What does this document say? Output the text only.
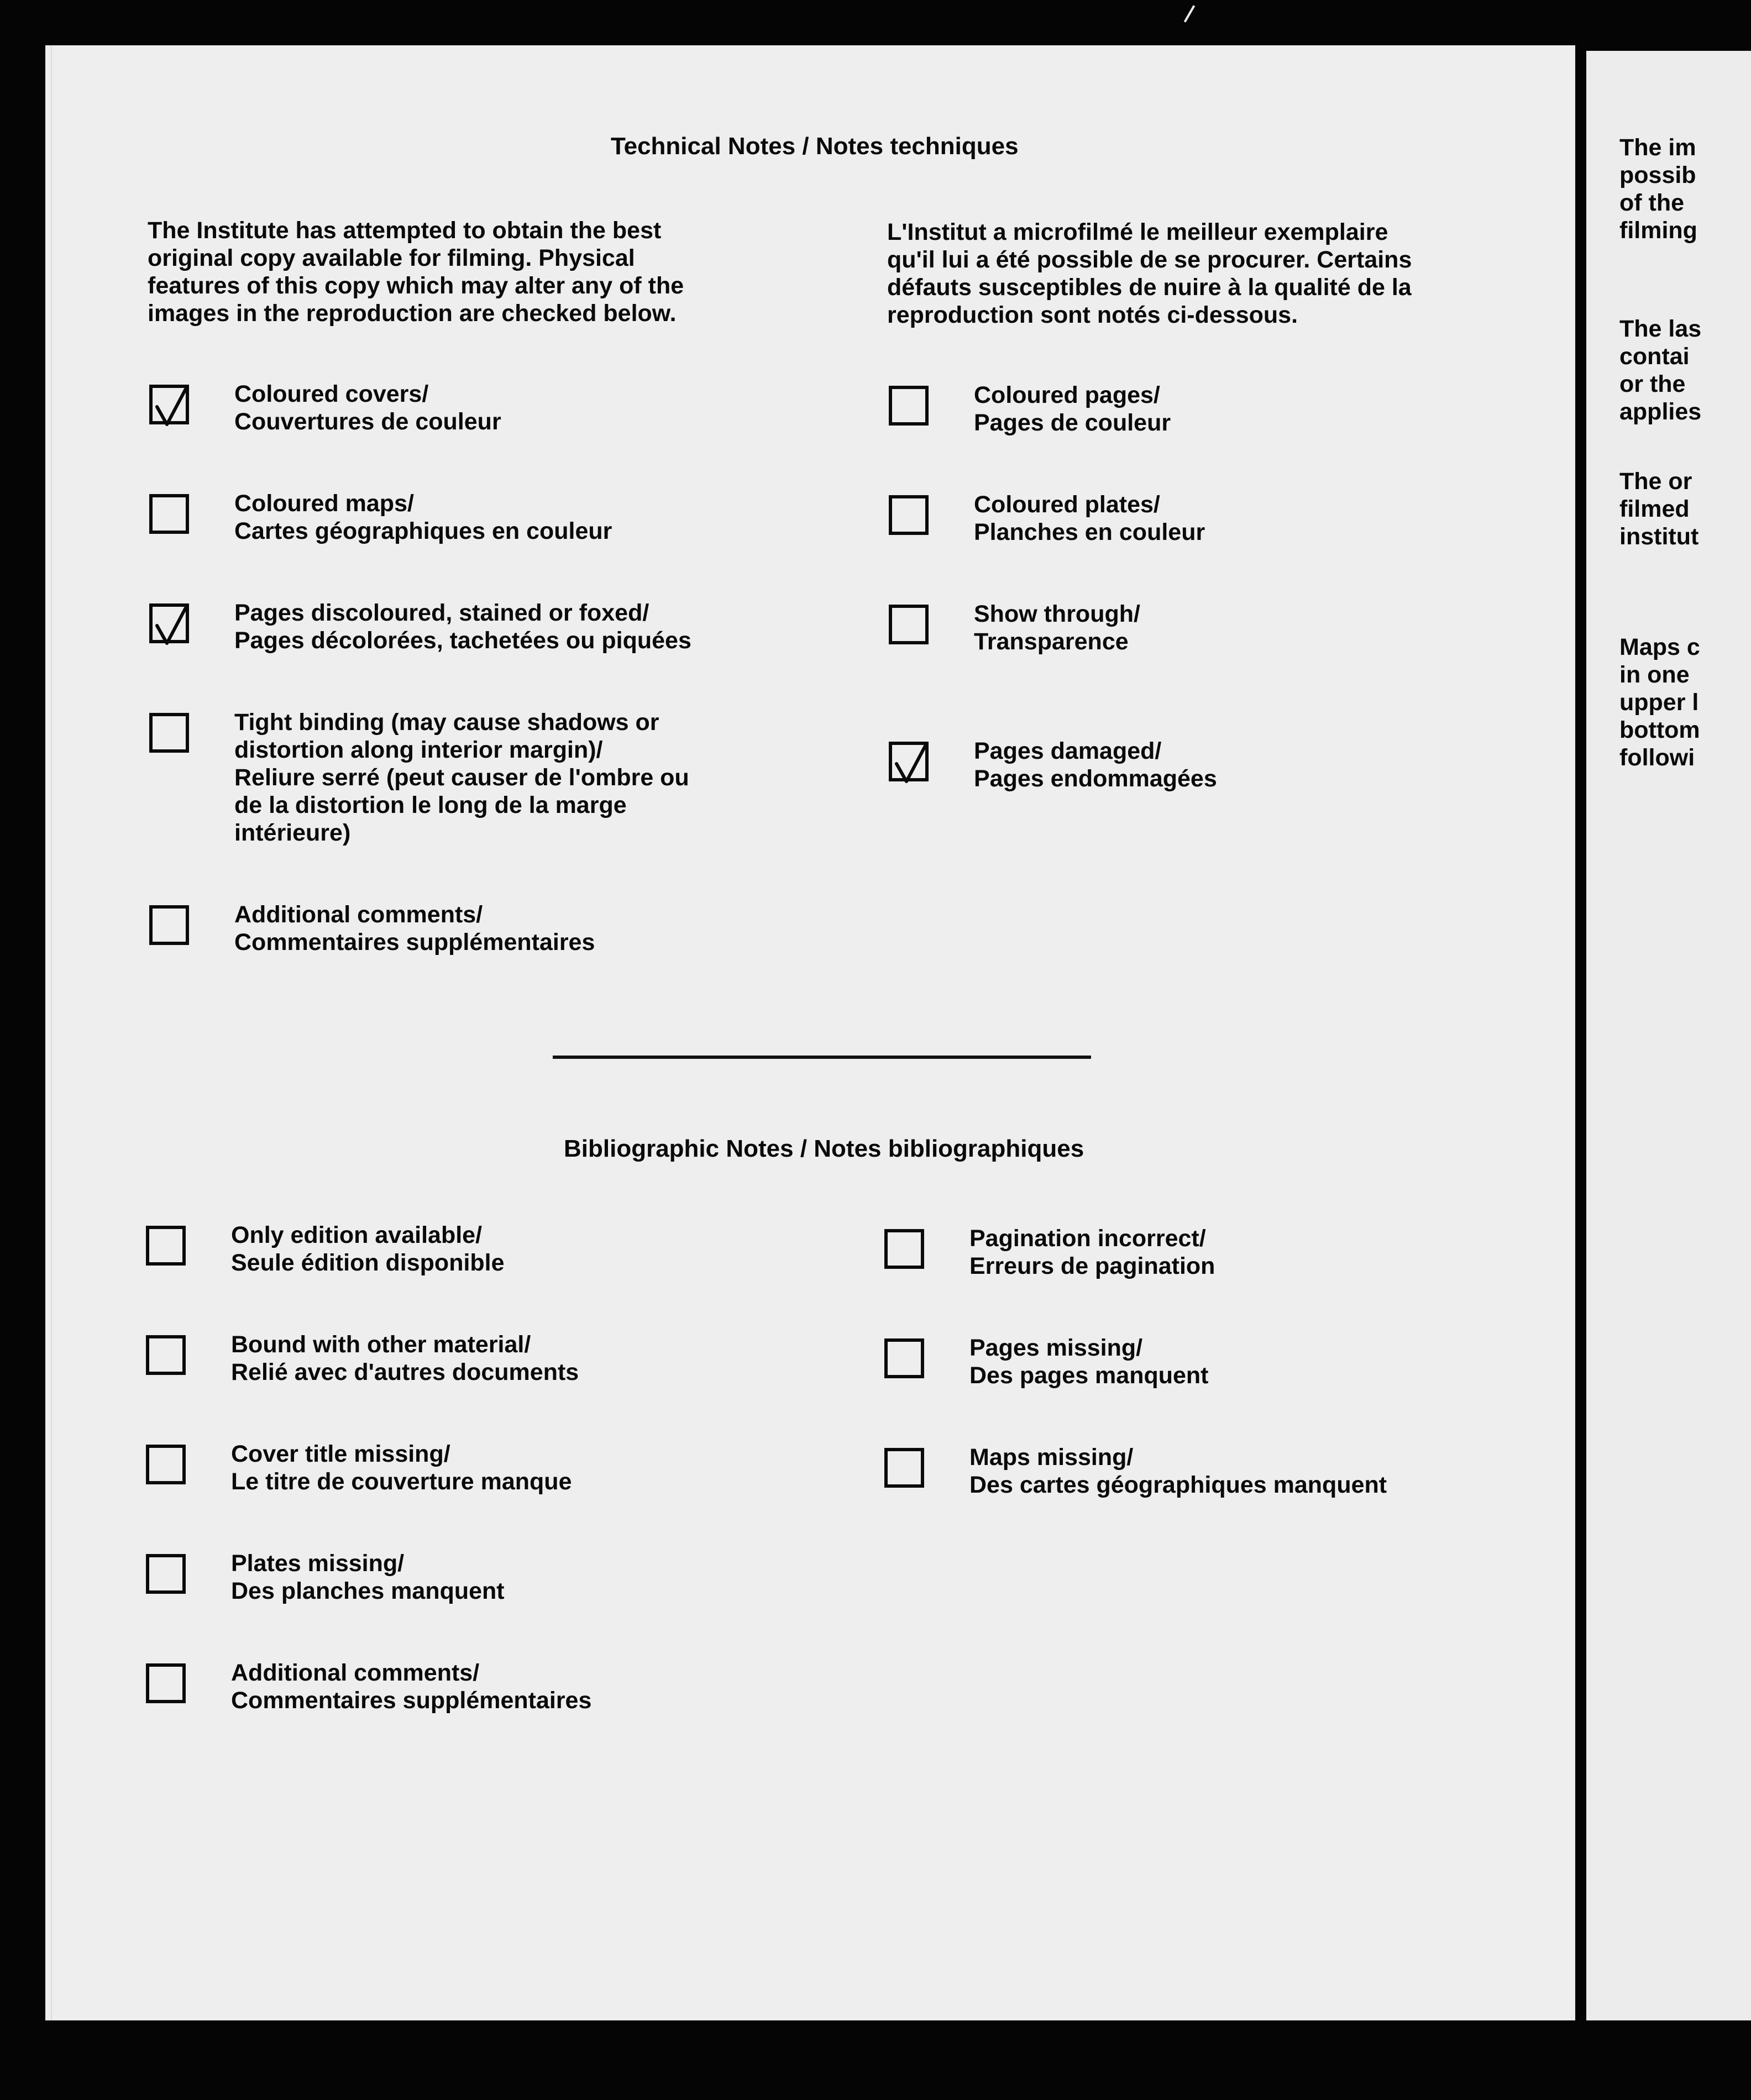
Technical Notes / Notes techniques
The Institute has attempted to obtain the best
original copy available for filming. Physical
features of this copy which may alter any of the
images in the reproduction are checked below.
L'Institut a microfilmé le meilleur exemplaire
qu'il lui a été possible de se procurer. Certains
défauts susceptibles de nuire à la qualité de la
reproduction sont notés ci-dessous.
Coloured covers/
Couvertures de couleur
Coloured maps/
Cartes géographiques en couleur
Pages discoloured, stained or foxed/
Pages décolorées, tachetées ou piquées
Tight binding (may cause shadows or
distortion along interior margin)/
Reliure serré (peut causer de l'ombre ou
de la distortion le long de la marge
intérieure)
Additional comments/
Commentaires supplémentaires
Coloured pages/
Pages de couleur
Coloured plates/
Planches en couleur
Show through/
Transparence
Pages damaged/
Pages endommagées
Bibliographic Notes / Notes bibliographiques
Only edition available/
Seule édition disponible
Bound with other material/
Relié avec d'autres documents
Cover title missing/
Le titre de couverture manque
Plates missing/
Des planches manquent
Additional comments/
Commentaires supplémentaires
Pagination incorrect/
Erreurs de pagination
Pages missing/
Des pages manquent
Maps missing/
Des cartes géographiques manquent
The im
possib
of the
filming
The las
contai
or the
applies
The or
filmed
institut
Maps c
in one
upper l
bottom
followi
